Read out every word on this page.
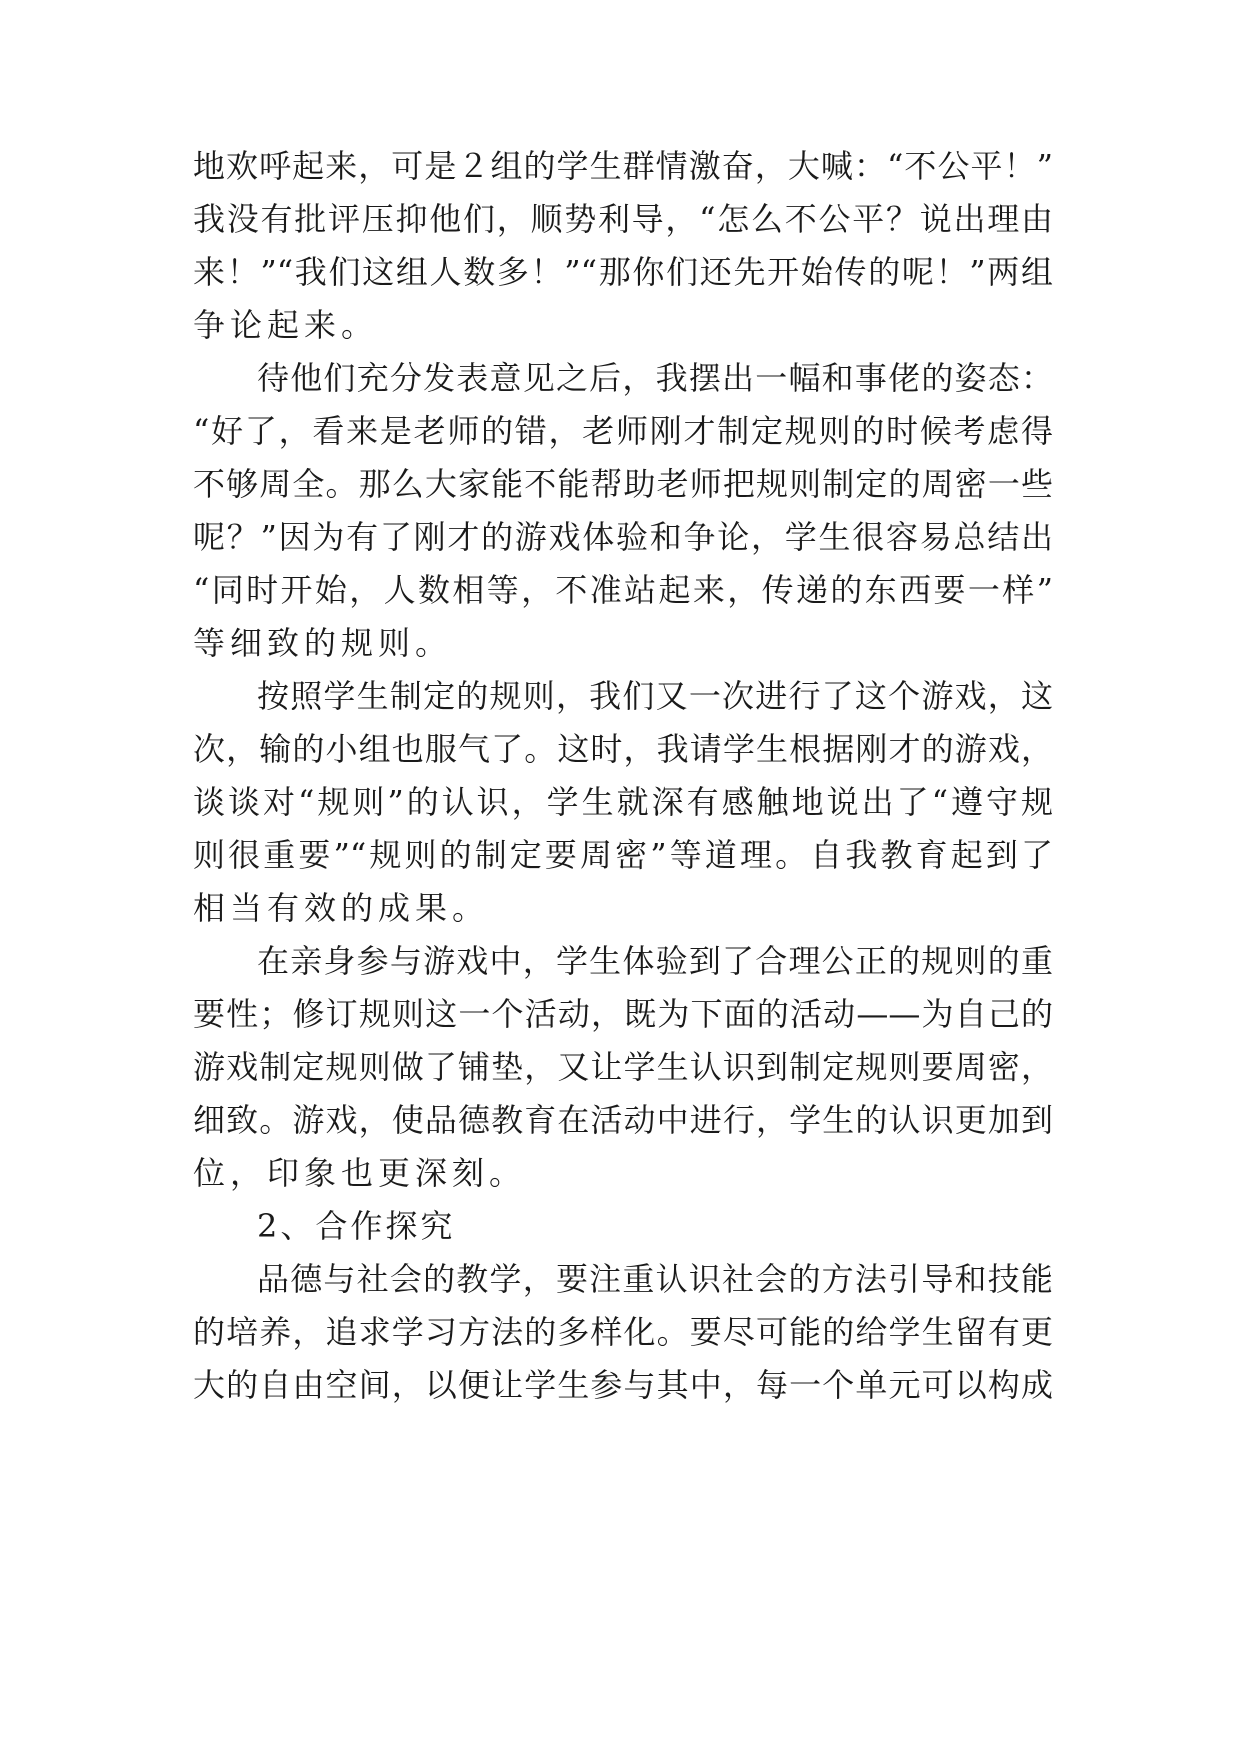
地欢呼起来，可是２组的学生群情激奋，大喊：“不公平！”
我没有批评压抑他们，顺势利导，“怎么不公平？说出理由
来！”“我们这组人数多！”“那你们还先开始传的呢！”两组
争论起来。
待他们充分发表意见之后，我摆出一幅和事佬的姿态：
“好了，看来是老师的错，老师刚才制定规则的时候考虑得
不够周全。那么大家能不能帮助老师把规则制定的周密一些
呢？”因为有了刚才的游戏体验和争论，学生很容易总结出
“同时开始，人数相等，不准站起来，传递的东西要一样”
等细致的规则。
按照学生制定的规则，我们又一次进行了这个游戏，这
次，输的小组也服气了。这时，我请学生根据刚才的游戏，
谈谈对“规则”的认识，学生就深有感触地说出了“遵守规
则很重要”“规则的制定要周密”等道理。自我教育起到了
相当有效的成果。
在亲身参与游戏中，学生体验到了合理公正的规则的重
要性；修订规则这一个活动，既为下面的活动——为自己的
游戏制定规则做了铺垫，又让学生认识到制定规则要周密，
细致。游戏，使品德教育在活动中进行，学生的认识更加到
位，印象也更深刻。
2、合作探究
品德与社会的教学，要注重认识社会的方法引导和技能
的培养，追求学习方法的多样化。要尽可能的给学生留有更
大的自由空间，以便让学生参与其中，每一个单元可以构成
